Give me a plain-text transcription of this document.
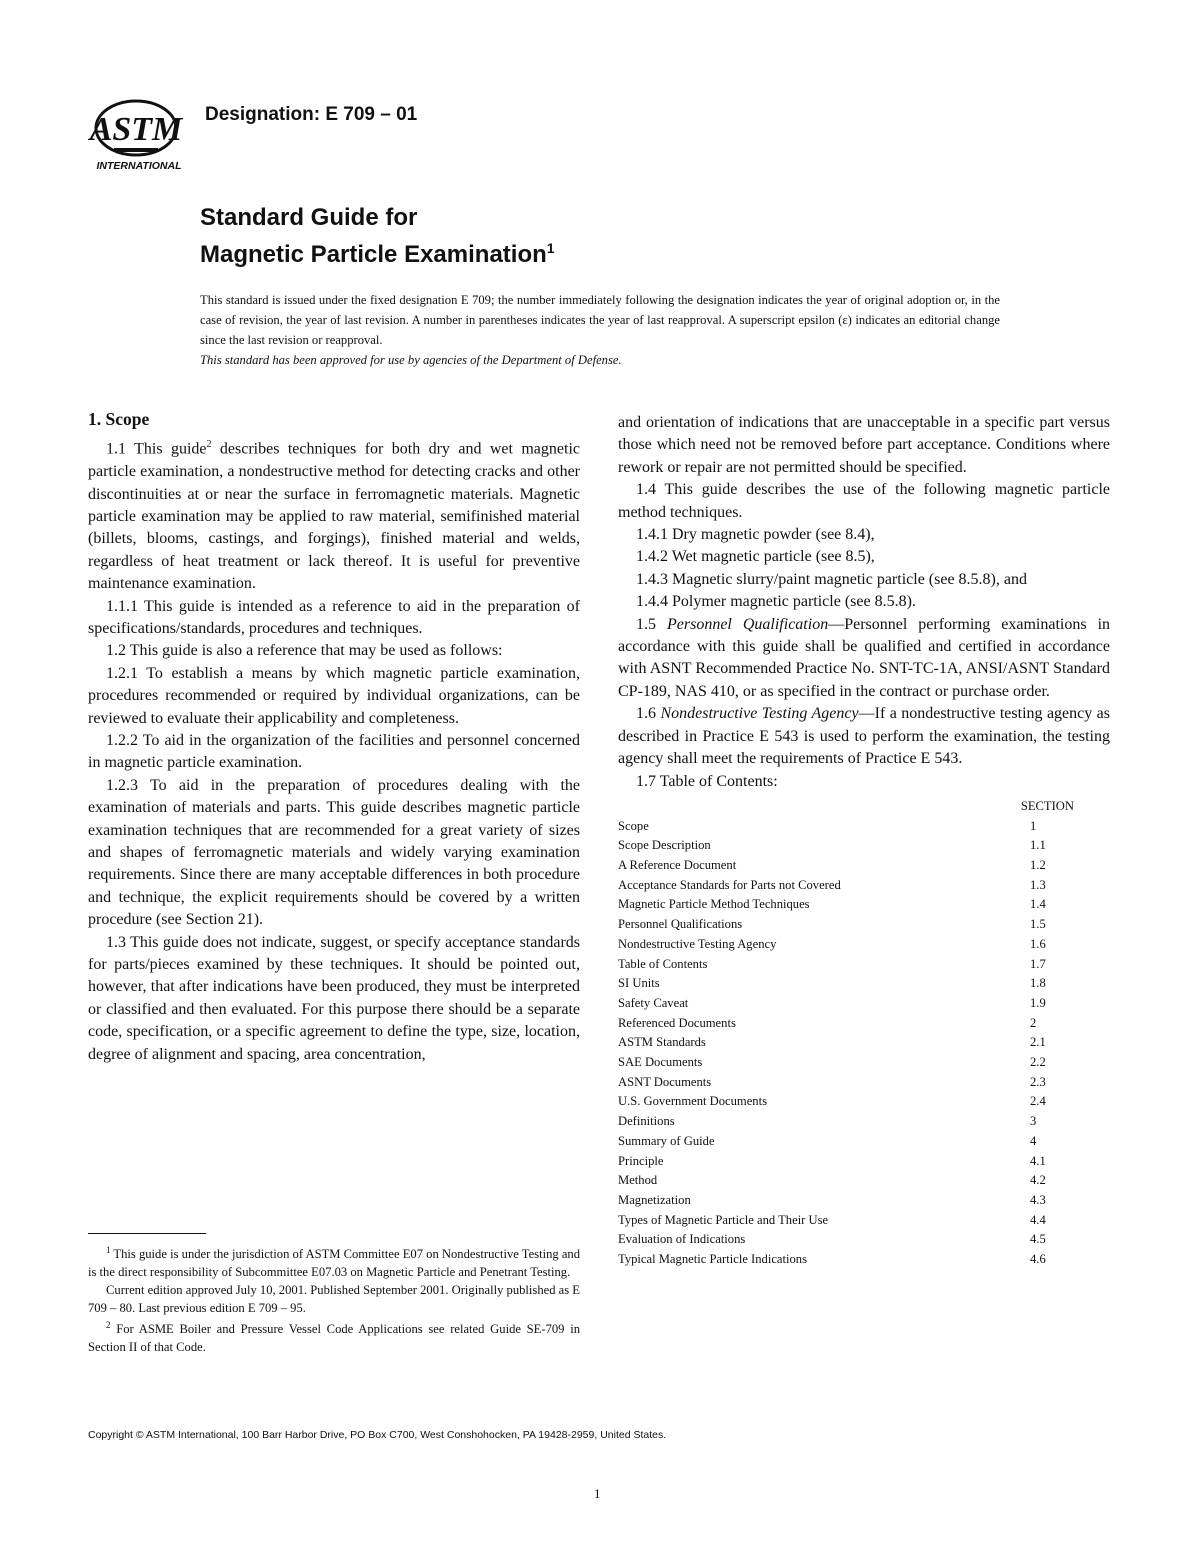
ASTM
INTERNATIONAL
Designation: E 709 – 01
Standard Guide for
Magnetic Particle Examination$^1$
This standard is issued under the fixed designation E 709; the number immediately following the designation indicates the year of original adoption or, in the case of revision, the year of last revision. A number in parentheses indicates the year of last reapproval. A superscript epsilon (ε) indicates an editorial change since the last revision or reapproval.
This standard has been approved for use by agencies of the Department of Defense.
1. Scope

1.1 This guide$^2$ describes techniques for both dry and wet magnetic particle examination, a nondestructive method for detecting cracks and other discontinuities at or near the surface in ferromagnetic materials. Magnetic particle examination may be applied to raw material, semifinished material (billets, blooms, castings, and forgings), finished material and welds, regardless of heat treatment or lack thereof. It is useful for preventive maintenance examination.

1.1.1 This guide is intended as a reference to aid in the preparation of specifications/standards, procedures and techniques.

1.2 This guide is also a reference that may be used as follows:

1.2.1 To establish a means by which magnetic particle examination, procedures recommended or required by individual organizations, can be reviewed to evaluate their applicability and completeness.

1.2.2 To aid in the organization of the facilities and personnel concerned in magnetic particle examination.

1.2.3 To aid in the preparation of procedures dealing with the examination of materials and parts. This guide describes magnetic particle examination techniques that are recommended for a great variety of sizes and shapes of ferromagnetic materials and widely varying examination requirements. Since there are many acceptable differences in both procedure and technique, the explicit requirements should be covered by a written procedure (see Section 21).

1.3 This guide does not indicate, suggest, or specify acceptance standards for parts/pieces examined by these techniques. It should be pointed out, however, that after indications have been produced, they must be interpreted or classified and then evaluated. For this purpose there should be a separate code, specification, or a specific agreement to define the type, size, location, degree of alignment and spacing, area concentration,

and orientation of indications that are unacceptable in a specific part versus those which need not be removed before part acceptance. Conditions where rework or repair are not permitted should be specified.

1.4 This guide describes the use of the following magnetic particle method techniques.

1.4.1 Dry magnetic powder (see 8.4),

1.4.2 Wet magnetic particle (see 8.5),

1.4.3 Magnetic slurry/paint magnetic particle (see 8.5.8), and

1.4.4 Polymer magnetic particle (see 8.5.8).

1.5 Personnel Qualification—Personnel performing examinations in accordance with this guide shall be qualified and certified in accordance with ASNT Recommended Practice No. SNT-TC-1A, ANSI/ASNT Standard CP-189, NAS 410, or as specified in the contract or purchase order.

1.6 Nondestructive Testing Agency—If a nondestructive testing agency as described in Practice E 543 is used to perform the examination, the testing agency shall meet the requirements of Practice E 543.

1.7 Table of Contents:

SECTION
Scope	1
Scope Description	1.1
A Reference Document	1.2
Acceptance Standards for Parts not Covered	1.3
Magnetic Particle Method Techniques	1.4
Personnel Qualifications	1.5
Nondestructive Testing Agency	1.6
Table of Contents	1.7
SI Units	1.8
Safety Caveat	1.9
Referenced Documents	2
ASTM Standards	2.1
SAE Documents	2.2
ASNT Documents	2.3
U.S. Government Documents	2.4
Definitions	3
Summary of Guide	4
Principle	4.1
Method	4.2
Magnetization	4.3
Types of Magnetic Particle and Their Use	4.4
Evaluation of Indications	4.5
Typical Magnetic Particle Indications	4.6

$^1$ This guide is under the jurisdiction of ASTM Committee E07 on Nondestructive Testing and is the direct responsibility of Subcommittee E07.03 on Magnetic Particle and Penetrant Testing.

Current edition approved July 10, 2001. Published September 2001. Originally published as E 709 – 80. Last previous edition E 709 – 95.

$^2$ For ASME Boiler and Pressure Vessel Code Applications see related Guide SE-709 in Section II of that Code.

Copyright © ASTM International, 100 Barr Harbor Drive, PO Box C700, West Conshohocken, PA 19428-2959, United States.
1
